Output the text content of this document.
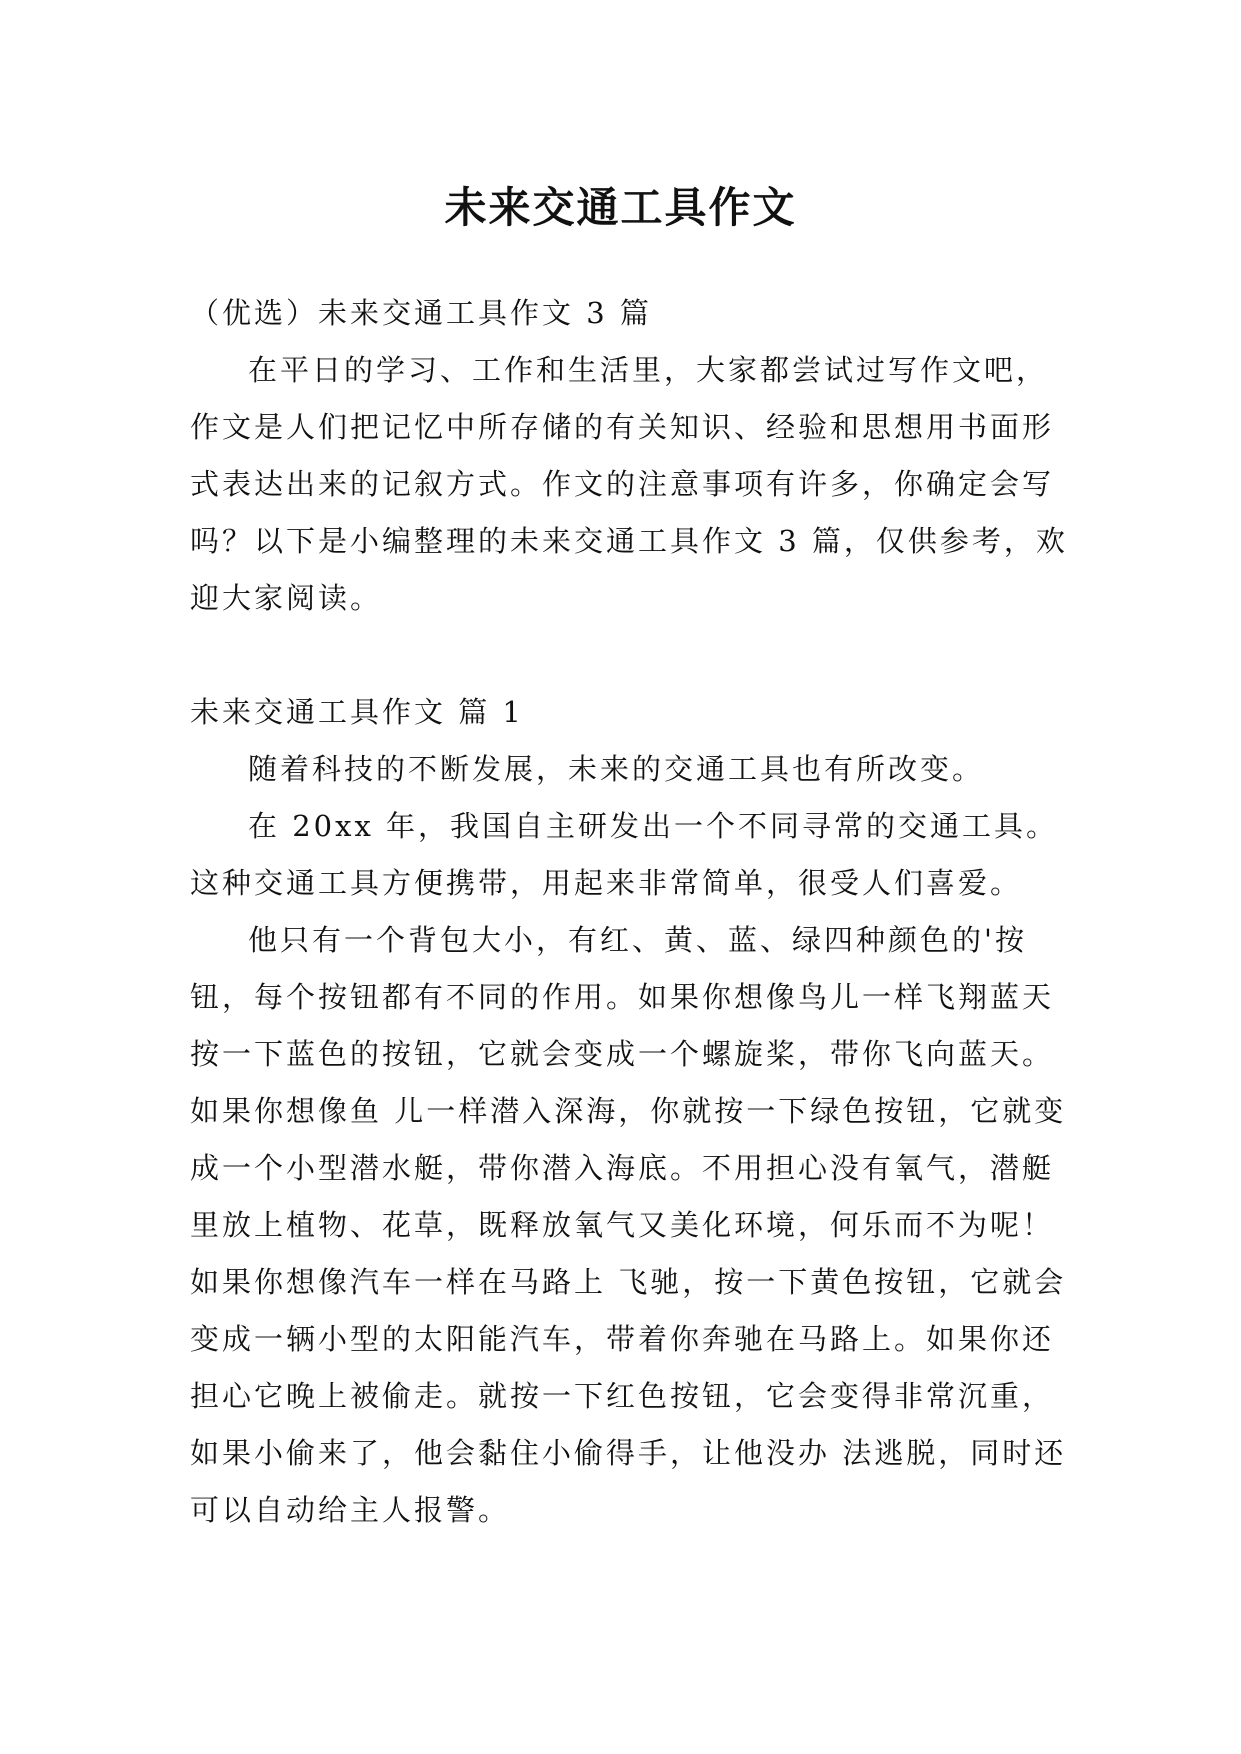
未来交通工具作文

（优选）未来交通工具作文 3 篇

在平日的学习、工作和生活里，大家都尝试过写作文吧，作文是人们把记忆中所存储的有关知识、经验和思想用书面形式表达出来的记叙方式。作文的注意事项有许多，你确定会写吗？以下是小编整理的未来交通工具作文 3 篇，仅供参考，欢迎大家阅读。

未来交通工具作文 篇 1

随着科技的不断发展，未来的交通工具也有所改变。

在 20xx 年，我国自主研发出一个不同寻常的交通工具。这种交通工具方便携带，用起来非常简单，很受人们喜爱。

他只有一个背包大小，有红、黄、蓝、绿四种颜色的'按钮，每个按钮都有不同的作用。如果你想像鸟儿一样飞翔蓝天按一下蓝色的按钮，它就会变成一个螺旋桨，带你飞向蓝天。如果你想像鱼 儿一样潜入深海，你就按一下绿色按钮，它就变成一个小型潜水艇，带你潜入海底。不用担心没有氧气，潜艇里放上植物、花草，既释放氧气又美化环境，何乐而不为呢！如果你想像汽车一样在马路上 飞驰，按一下黄色按钮，它就会变成一辆小型的太阳能汽车，带着你奔驰在马路上。如果你还担心它晚上被偷走。就按一下红色按钮，它会变得非常沉重，如果小偷来了，他会黏住小偷得手，让他没办 法逃脱，同时还可以自动给主人报警。
